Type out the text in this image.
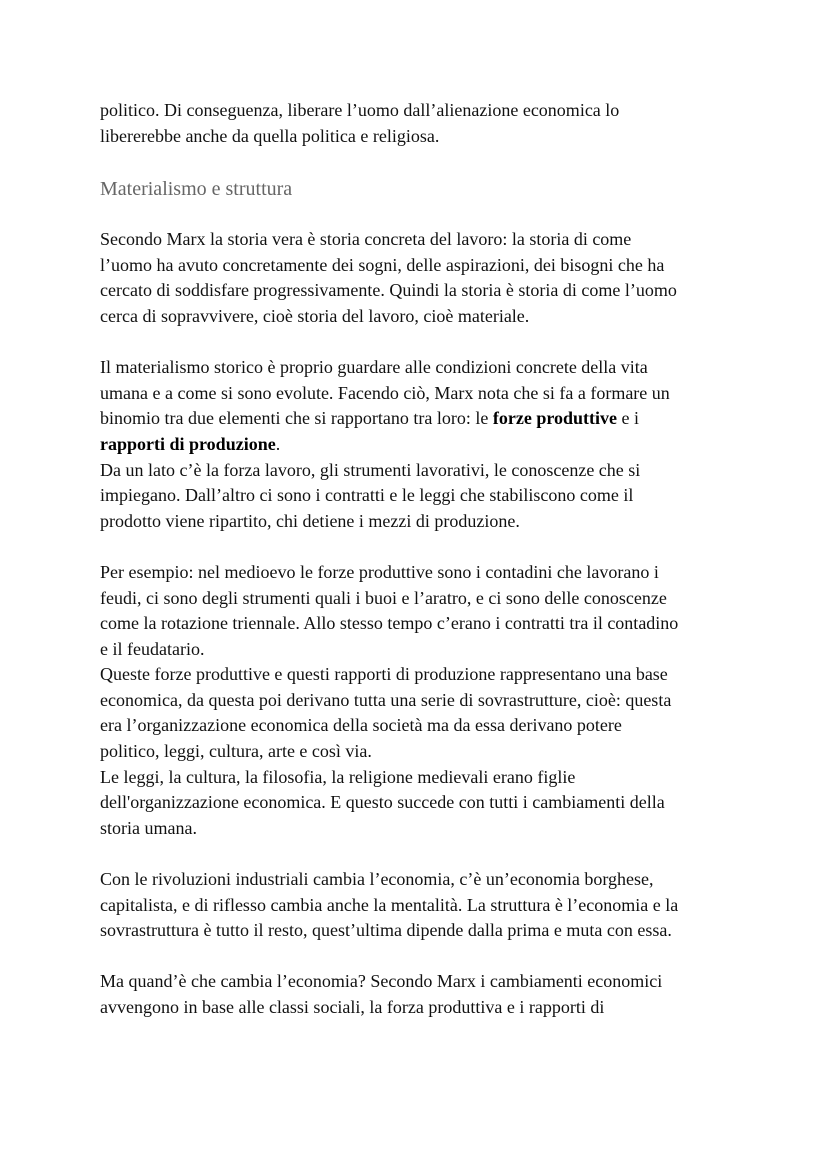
politico. Di conseguenza, liberare l’uomo dall’alienazione economica lo
libererebbe anche da quella politica e religiosa.

Materialismo e struttura

Secondo Marx la storia vera è storia concreta del lavoro: la storia di come
l’uomo ha avuto concretamente dei sogni, delle aspirazioni, dei bisogni che ha
cercato di soddisfare progressivamente. Quindi la storia è storia di come l’uomo
cerca di sopravvivere, cioè storia del lavoro, cioè materiale.

Il materialismo storico è proprio guardare alle condizioni concrete della vita
umana e a come si sono evolute. Facendo ciò, Marx nota che si fa a formare un
binomio tra due elementi che si rapportano tra loro: le forze produttive e i
rapporti di produzione.
Da un lato c’è la forza lavoro, gli strumenti lavorativi, le conoscenze che si
impiegano. Dall’altro ci sono i contratti e le leggi che stabiliscono come il
prodotto viene ripartito, chi detiene i mezzi di produzione.

Per esempio: nel medioevo le forze produttive sono i contadini che lavorano i
feudi, ci sono degli strumenti quali i buoi e l’aratro, e ci sono delle conoscenze
come la rotazione triennale. Allo stesso tempo c’erano i contratti tra il contadino
e il feudatario.
Queste forze produttive e questi rapporti di produzione rappresentano una base
economica, da questa poi derivano tutta una serie di sovrastrutture, cioè: questa
era l’organizzazione economica della società ma da essa derivano potere
politico, leggi, cultura, arte e così via.
Le leggi, la cultura, la filosofia, la religione medievali erano figlie
dell'organizzazione economica. E questo succede con tutti i cambiamenti della
storia umana.

Con le rivoluzioni industriali cambia l’economia, c’è un’economia borghese,
capitalista, e di riflesso cambia anche la mentalità. La struttura è l’economia e la
sovrastruttura è tutto il resto, quest’ultima dipende dalla prima e muta con essa.

Ma quand’è che cambia l’economia? Secondo Marx i cambiamenti economici
avvengono in base alle classi sociali, la forza produttiva e i rapporti di
